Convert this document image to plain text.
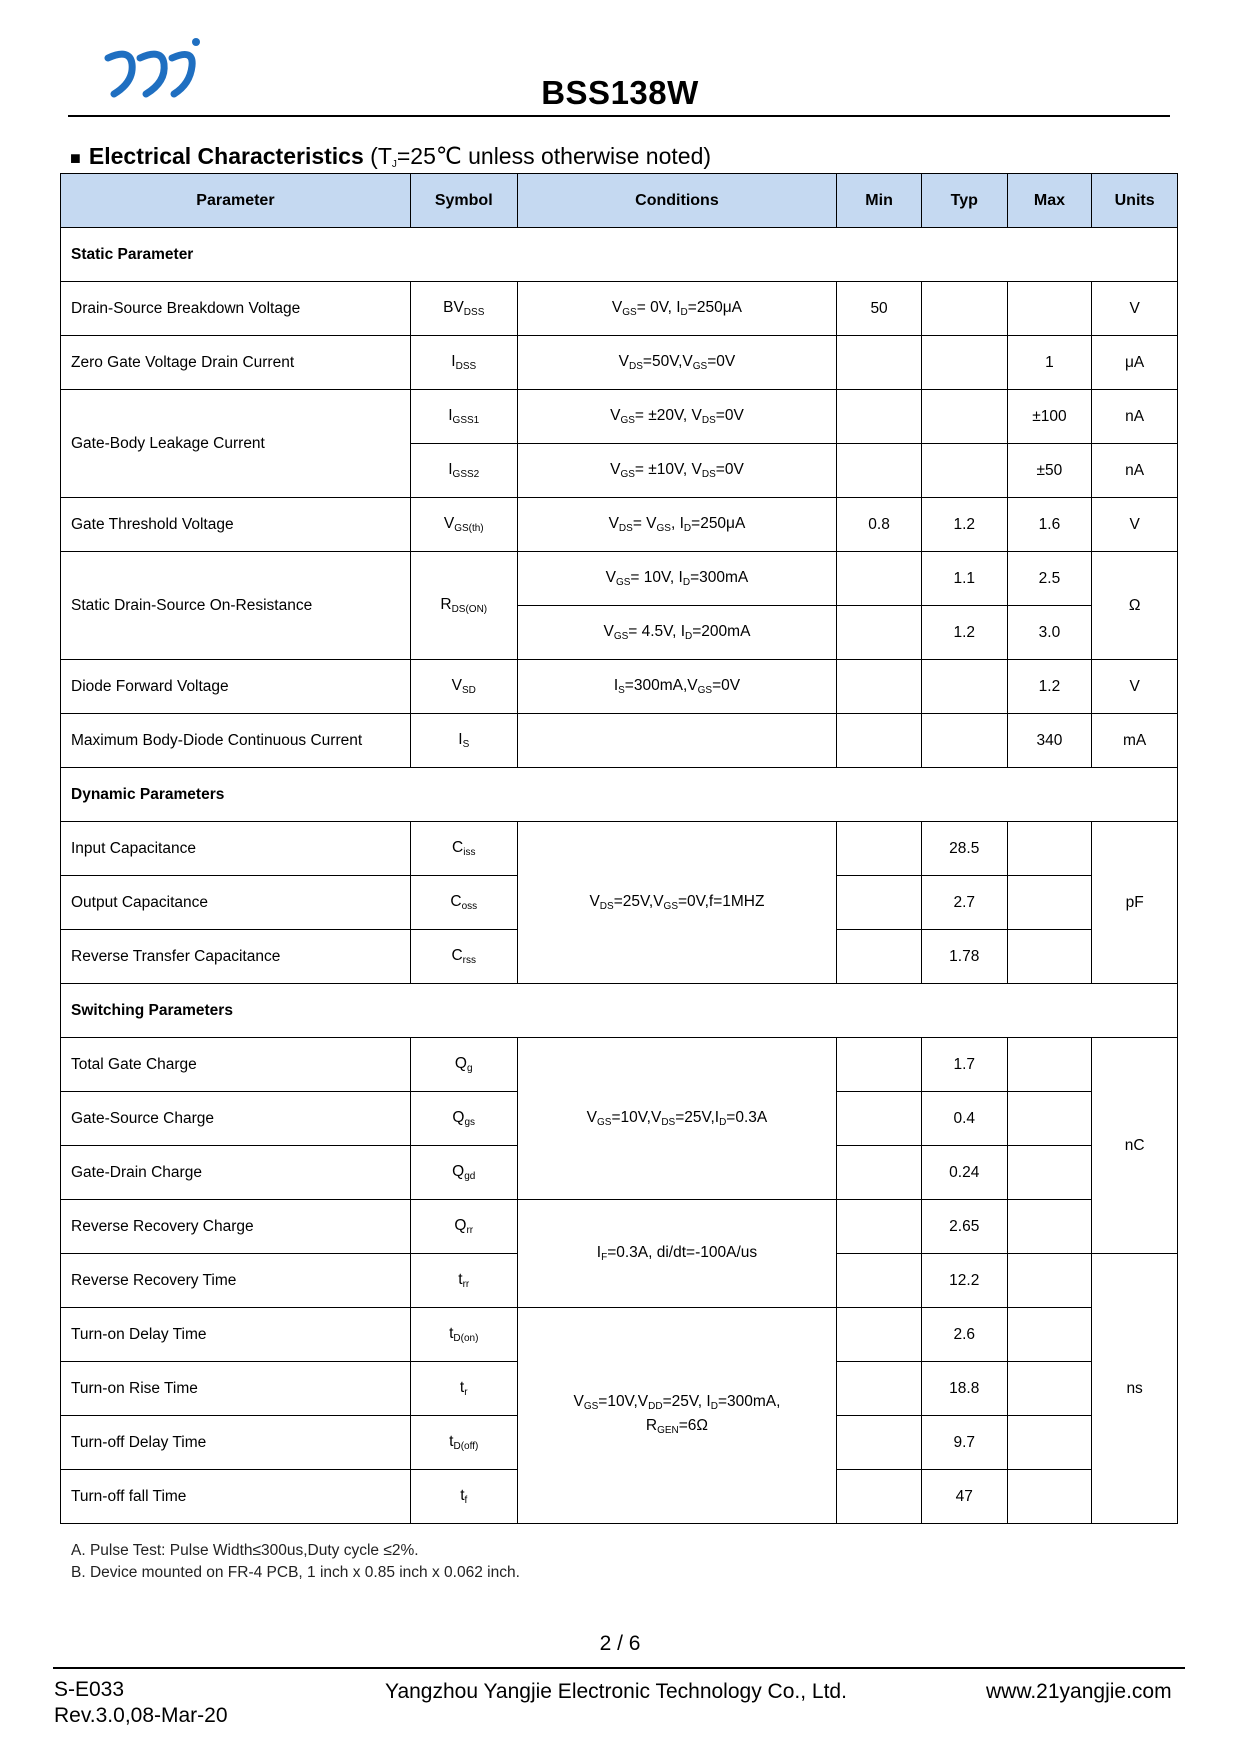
BSS138W
■ Electrical Characteristics ($T_J=25℃$ unless otherwise noted)
Parameter	Symbol	Conditions	Min	Typ	Max	Units
Static Parameter						
Drain-Source Breakdown Voltage	$BV_{DSS}$	$V_{GS}= 0V$, $I_D=250\mu A$	50			V
Zero Gate Voltage Drain Current	$I_{DSS}$	$V_{DS}=50V,V_{GS}=0V$			1	μA
Gate-Body Leakage Current	$I_{GSS1}$	$V_{GS}= \pm 20V$, $V_{DS}=0V$			±100	nA
	$I_{GSS2}$	$V_{GS}= \pm 10V$, $V_{DS}=0V$			±50	nA
Gate Threshold Voltage	$V_{GS(th)}$	$V_{DS}= V_{GS}$, $I_D=250\mu A$	0.8	1.2	1.6	V
Static Drain-Source On-Resistance	$R_{DS(ON)}$	$V_{GS}= 10V$, $I_D=300mA$		1.1	2.5	Ω
		$V_{GS}= 4.5V$, $I_D=200mA$		1.2	3.0	
Diode Forward Voltage	$V_{SD}$	$I_S=300mA,V_{GS}=0V$			1.2	V
Maximum Body-Diode Continuous Current	$I_S$				340	mA
Dynamic Parameters						
Input Capacitance	$C_{iss}$	$V_{DS}=25V,V_{GS}=0V,f=1MHZ$		28.5		pF
Output Capacitance	$C_{oss}$			2.7		
Reverse Transfer Capacitance	$C_{rss}$			1.78		
Switching Parameters						
Total Gate Charge	$Q_g$	$V_{GS}=10V,V_{DS}=25V,I_D=0.3A$		1.7		nC
Gate-Source Charge	$Q_{gs}$			0.4		
Gate-Drain Charge	$Q_{gd}$			0.24		
Reverse Recovery Charge	$Q_{rr}$	$I_F=0.3A$, di/dt=-100A/us		2.65		
Reverse Recovery Time	$t_{rr}$			12.2		ns
Turn-on Delay Time	$t_{D(on)}$	$V_{GS}=10V,V_{DD}=25V$, $I_D=300mA$,
$R_{GEN}=6\Omega$		2.6		
Turn-on Rise Time	$t_r$			18.8		
Turn-off Delay Time	$t_{D(off)}$			9.7		
Turn-off fall Time	$t_f$			47		
A. Pulse Test: Pulse Width≤300us,Duty cycle ≤2%.
B. Device mounted on FR-4 PCB, 1 inch x 0.85 inch x 0.062 inch.
2 / 6
S-E033
Rev.3.0,08-Mar-20
Yangzhou Yangjie Electronic Technology Co., Ltd.	www.21yangjie.com
